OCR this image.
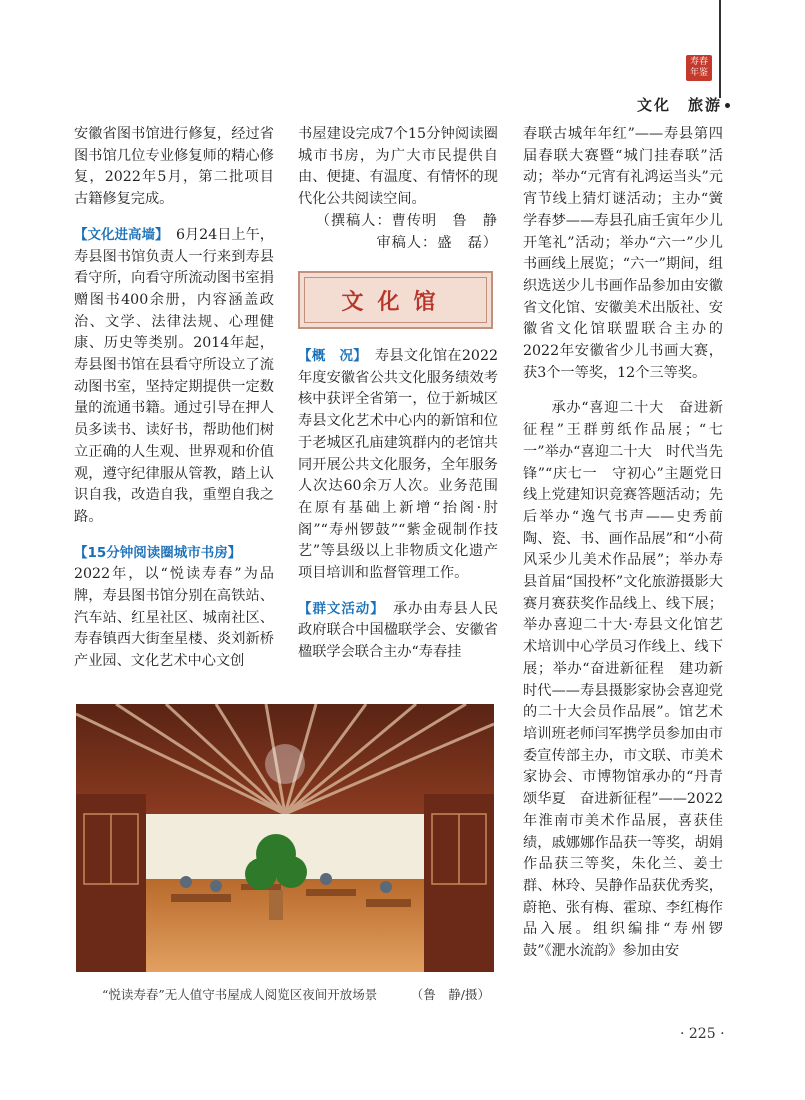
寿春
年鉴
文化　旅游

安徽省图书馆进行修复，经过省图书馆几位专业修复师的精心修复，2022年5月，第二批项目古籍修复完成。

【文化进高墙】　6月24日上午，寿县图书馆负责人一行来到寿县看守所，向看守所流动图书室捐赠图书400余册，内容涵盖政治、文学、法律法规、心理健康、历史等类别。2014年起，寿县图书馆在县看守所设立了流动图书室，坚持定期提供一定数量的流通书籍。通过引导在押人员多读书、读好书，帮助他们树立正确的人生观、世界观和价值观，遵守纪律服从管教，踏上认识自我，改造自我，重塑自我之路。

【15分钟阅读圈城市书房】

2022年，以“悦读寿春”为品牌，寿县图书馆分别在高铁站、汽车站、红星社区、城南社区、寿春镇西大街奎星楼、炎刘新桥产业园、文化艺术中心文创

书屋建设完成7个15分钟阅读圈城市书房，为广大市民提供自由、便捷、有温度、有情怀的现代化公共阅读空间。

（撰稿人：曹传明　鲁　静

审稿人：盛　磊）

文化馆

【概　况】　寿县文化馆在2022年度安徽省公共文化服务绩效考核中获评全省第一，位于新城区寿县文化艺术中心内的新馆和位于老城区孔庙建筑群内的老馆共同开展公共文化服务，全年服务人次达60余万人次。业务范围在原有基础上新增“抬阁·肘阁”“寿州锣鼓”“紫金砚制作技艺”等县级以上非物质文化遗产项目培训和监督管理工作。

【群文活动】　承办由寿县人民政府联合中国楹联学会、安徽省楹联学会联合主办“寿春挂

春联古城年年红”——寿县第四届春联大赛暨“城门挂春联”活动；举办“元宵有礼鸿运当头”元宵节线上猜灯谜活动；主办“黉学春梦——寿县孔庙壬寅年少儿开笔礼”活动；举办“六一”少儿书画线上展览；“六一”期间，组织选送少儿书画作品参加由安徽省文化馆、安徽美术出版社、安徽省文化馆联盟联合主办的2022年安徽省少儿书画大赛，获3个一等奖，12个三等奖。

承办“喜迎二十大　奋进新征程”王群剪纸作品展；“七一”举办“喜迎二十大　时代当先锋”“庆七一　守初心”主题党日线上党建知识竞赛答题活动；先后举办“逸气书声——史秀前陶、瓷、书、画作品展”和“小荷风采少儿美术作品展”；举办寿县首届“国投杯”文化旅游摄影大赛月赛获奖作品线上、线下展；举办喜迎二十大·寿县文化馆艺术培训中心学员习作线上、线下展；举办“奋进新征程　建功新时代——寿县摄影家协会喜迎党的二十大会员作品展”。馆艺术培训班老师闫军携学员参加由市委宣传部主办，市文联、市美术家协会、市博物馆承办的“丹青颂华夏　奋进新征程”——2022年淮南市美术作品展，喜获佳绩，戚娜娜作品获一等奖，胡娟作品获三等奖，朱化兰、姜士群、林玲、吴静作品获优秀奖，蔚艳、张有梅、霍琼、李红梅作品入展。组织编排“寿州锣鼓”《淝水流韵》参加由安

“悦读寿春”无人值守书屋成人阅览区夜间开放场景	（鲁　静/摄）
· 225 ·
